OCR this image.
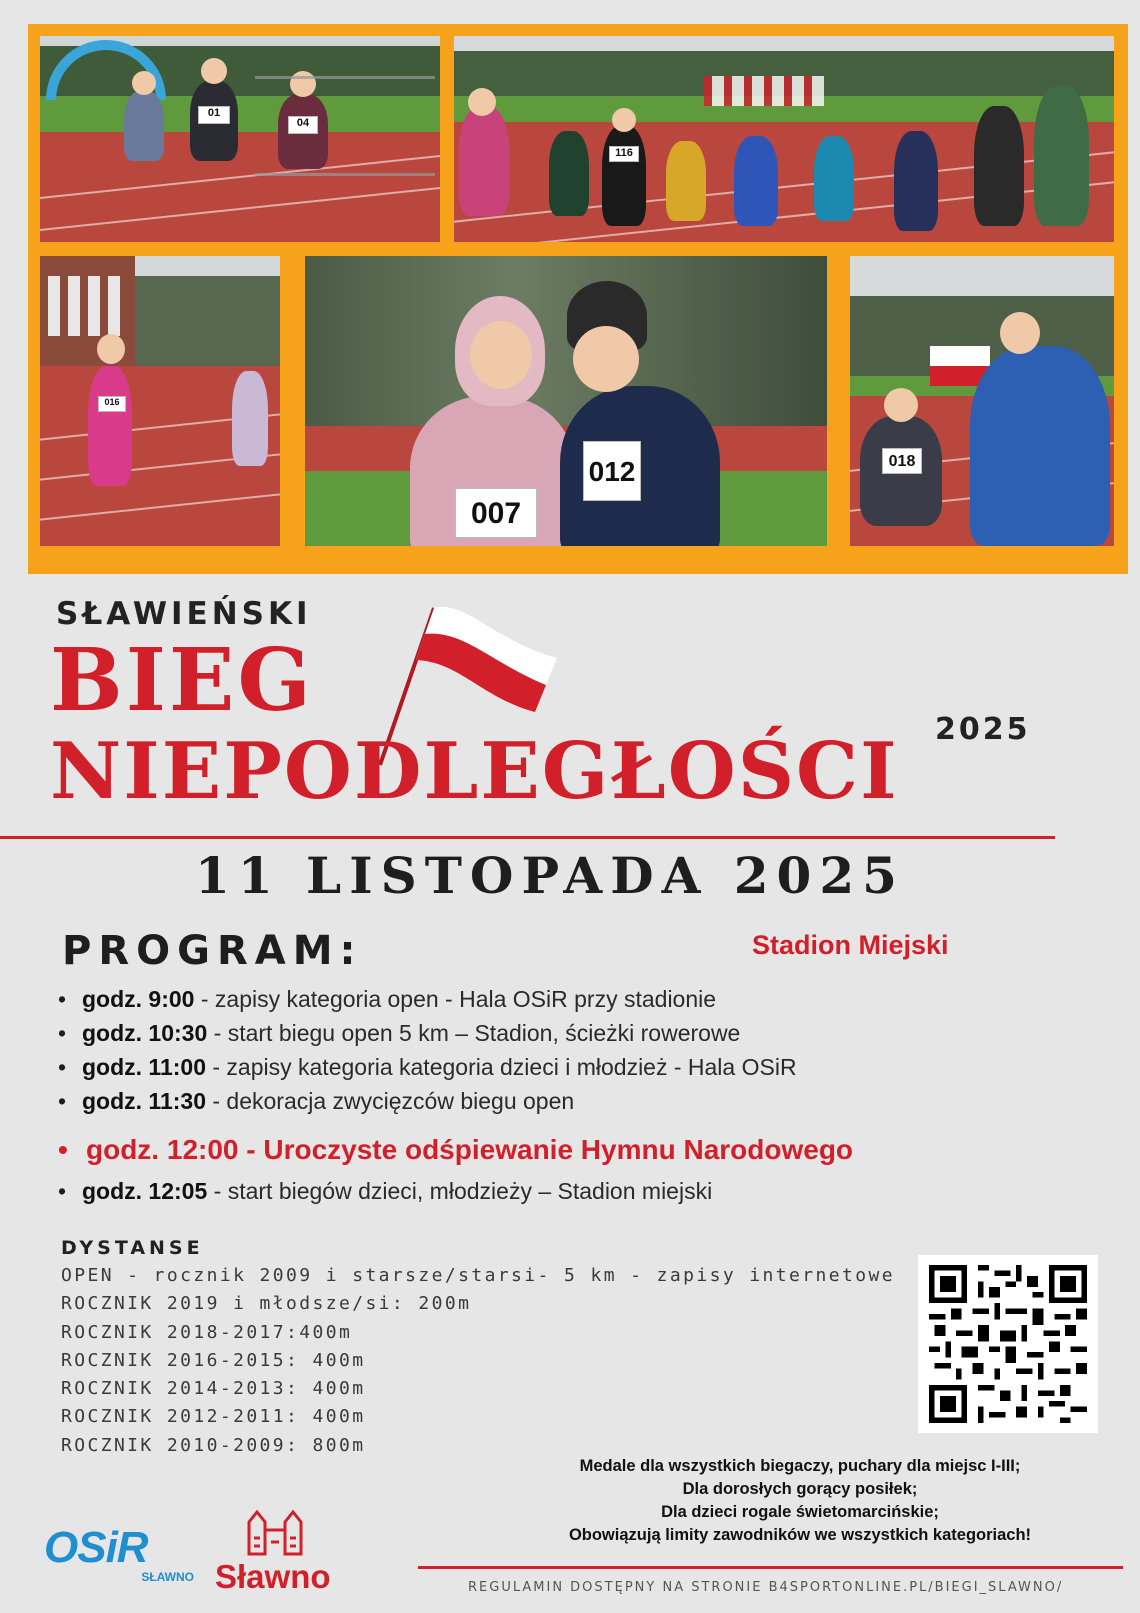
01
04
116
016
007
012	018
SŁAWIEŃSKI
BIEG	2025
NIEPODLEGŁOŚCI
11 LISTOPADA 2025
PROGRAM:	Stadion Miejski
• godz. 9:00 - zapisy kategoria open - Hala OSiR przy stadionie
• godz. 10:30 - start biegu open 5 km – Stadion, ścieżki rowerowe
• godz. 11:00 - zapisy kategoria kategoria dzieci i młodzież - Hala OSiR
• godz. 11:30 - dekoracja zwycięzców biegu open
• godz. 12:00 - Uroczyste odśpiewanie Hymnu Narodowego
• godz. 12:05 - start biegów dzieci, młodzieży – Stadion miejski
DYSTANSE
OPEN - rocznik 2009 i starsze/starsi- 5 km - zapisy internetowe
ROCZNIK 2019 i młodsze/si: 200m
ROCZNIK 2018-2017:400m
ROCZNIK 2016-2015: 400m
ROCZNIK 2014-2013: 400m
ROCZNIK 2012-2011: 400m
ROCZNIK 2010-2009: 800m
Medale dla wszystkich biegaczy, puchary dla miejsc I-III;
Dla dorosłych gorący posiłek;
Dla dzieci rogale świetomarcińskie;
Obowiązują limity zawodników we wszystkich kategoriach!
OSiR
SŁAWNO Sławno	REGULAMIN DOSTĘPNY NA STRONIE B4SPORTONLINE.PL/BIEGI_SLAWNO/
